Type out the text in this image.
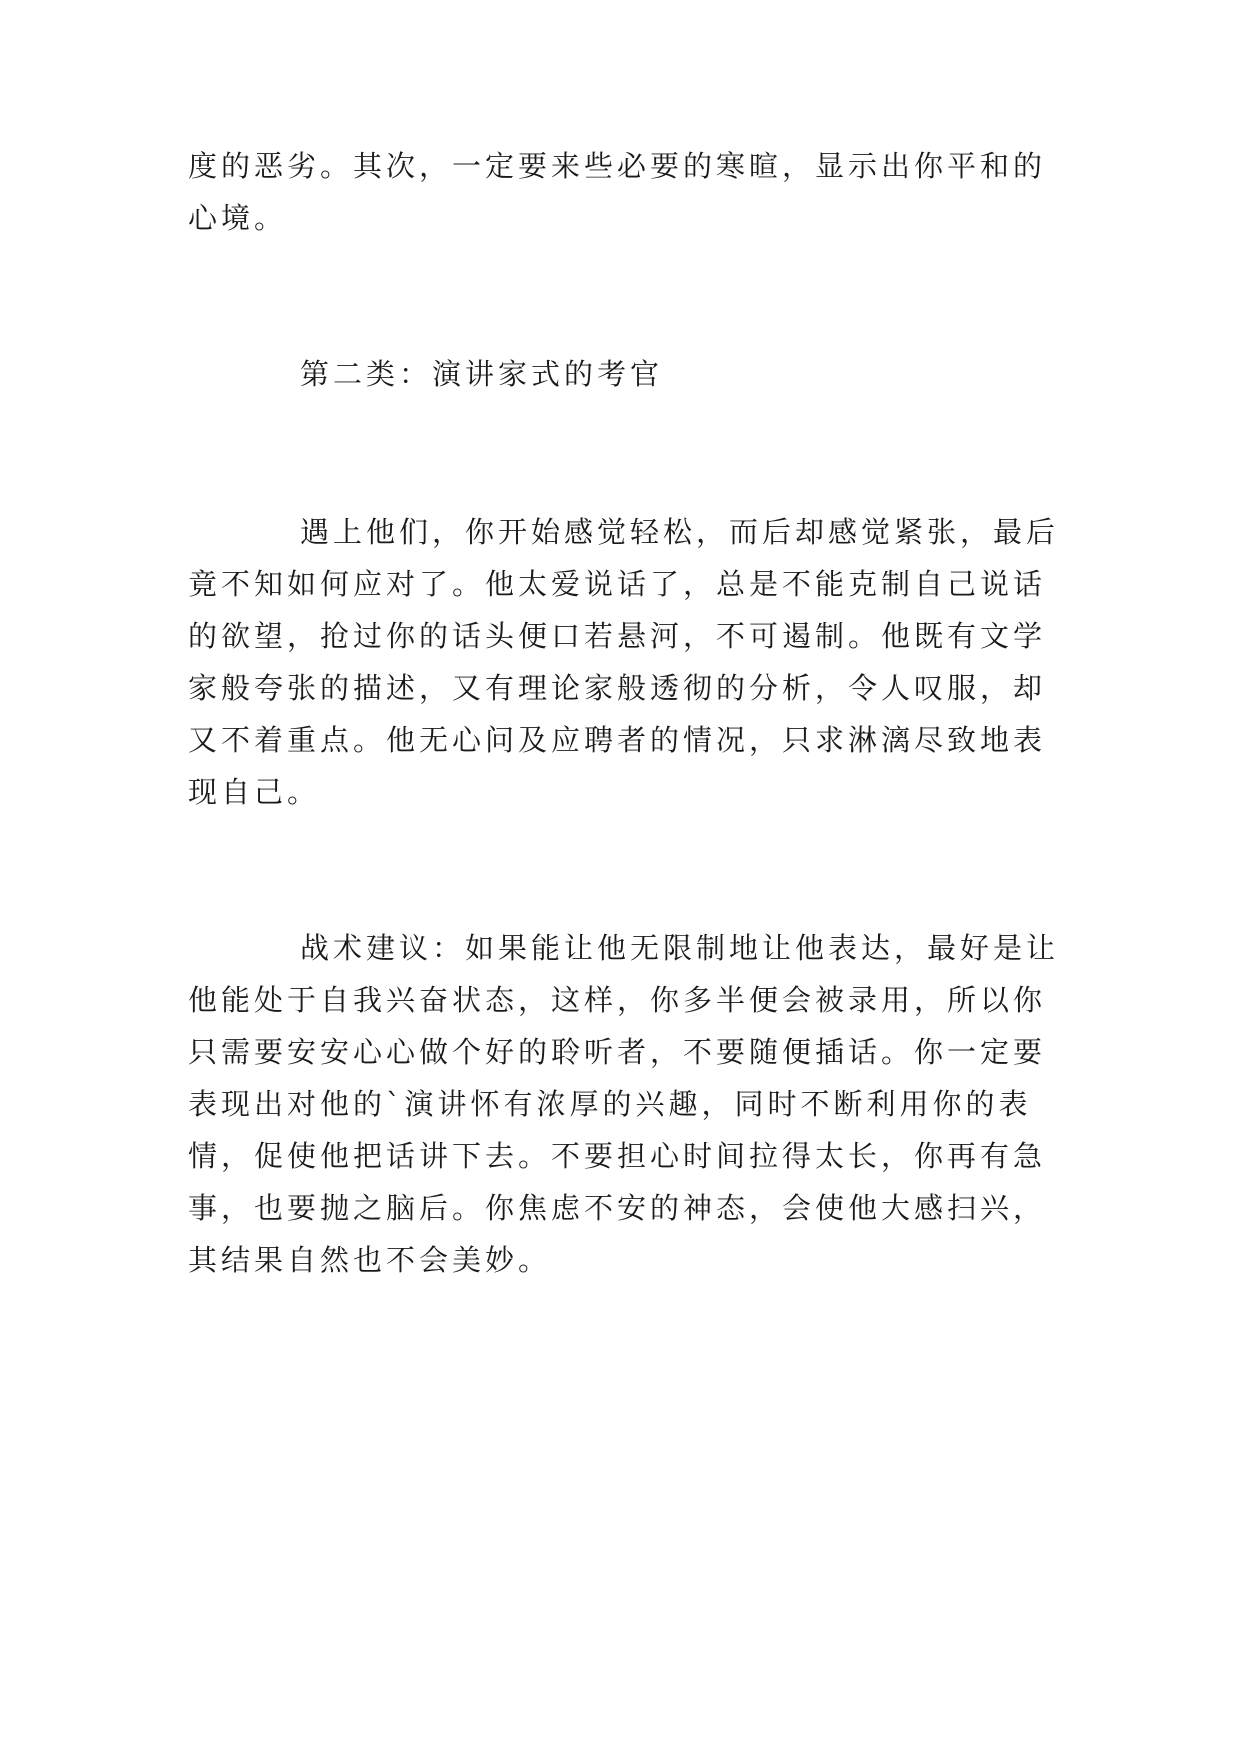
度的恶劣。其次，一定要来些必要的寒暄，显示出你平和的
心境。
第二类：演讲家式的考官
遇上他们，你开始感觉轻松，而后却感觉紧张，最后
竟不知如何应对了。他太爱说话了，总是不能克制自己说话
的欲望，抢过你的话头便口若悬河，不可遏制。他既有文学
家般夸张的描述，又有理论家般透彻的分析，令人叹服，却
又不着重点。他无心问及应聘者的情况，只求淋漓尽致地表
现自己。
战术建议：如果能让他无限制地让他表达，最好是让
他能处于自我兴奋状态，这样，你多半便会被录用，所以你
只需要安安心心做个好的聆听者，不要随便插话。你一定要
表现出对他的`演讲怀有浓厚的兴趣，同时不断利用你的表
情，促使他把话讲下去。不要担心时间拉得太长，你再有急
事，也要抛之脑后。你焦虑不安的神态，会使他大感扫兴，
其结果自然也不会美妙。
